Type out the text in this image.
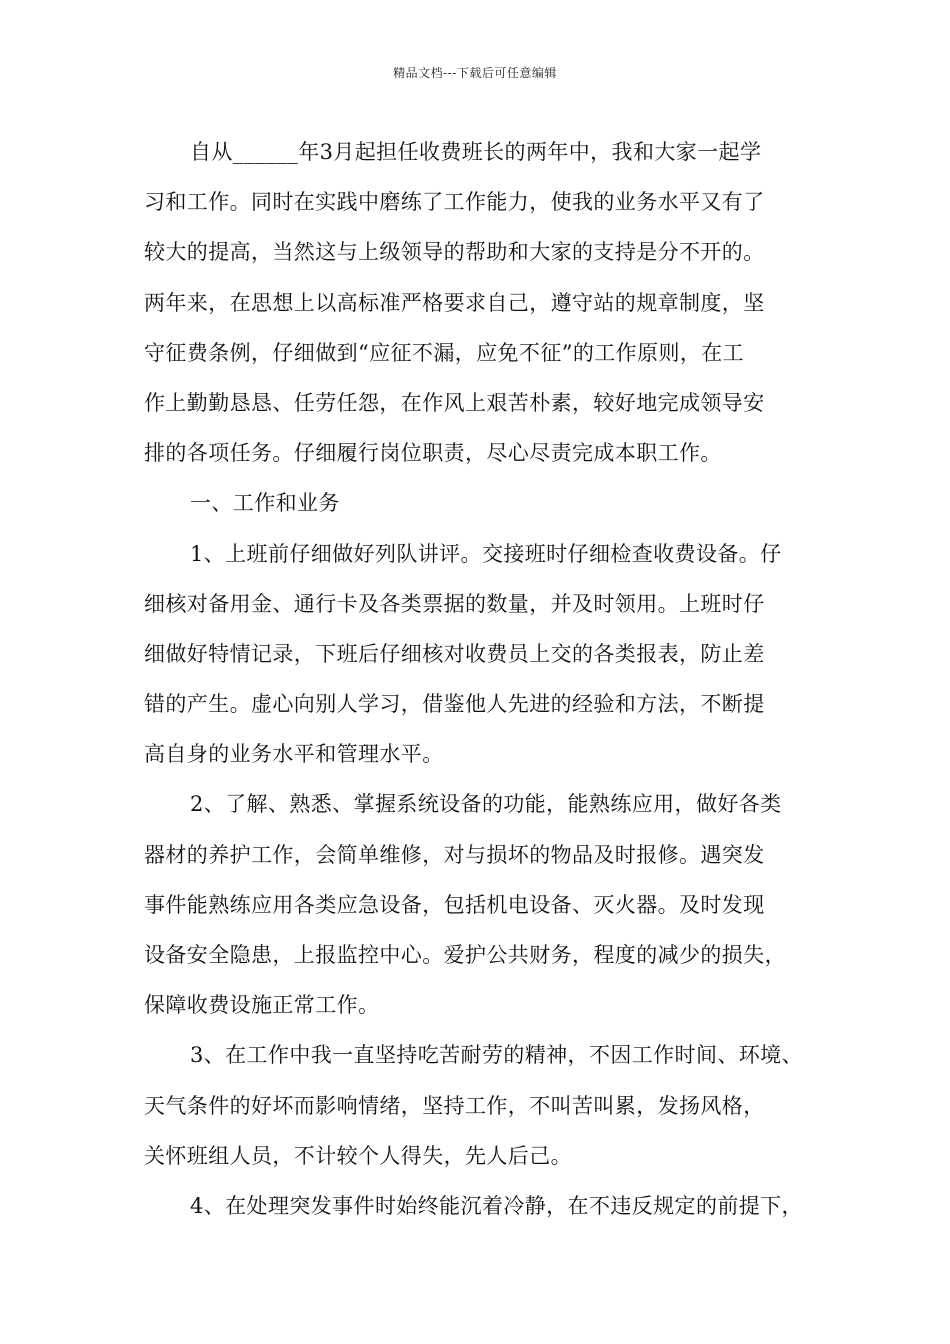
精品文档---下载后可任意编辑
自从______年3月起担任收费班长的两年中，我和大家一起学
习和工作。同时在实践中磨练了工作能力，使我的业务水平又有了
较大的提高，当然这与上级领导的帮助和大家的支持是分不开的。
两年来，在思想上以高标准严格要求自己，遵守站的规章制度，坚
守征费条例，仔细做到“应征不漏，应免不征”的工作原则，在工
作上勤勤恳恳、任劳任怨，在作风上艰苦朴素，较好地完成领导安
排的各项任务。仔细履行岗位职责，尽心尽责完成本职工作。
一、工作和业务
1、上班前仔细做好列队讲评。交接班时仔细检查收费设备。仔
细核对备用金、通行卡及各类票据的数量，并及时领用。上班时仔
细做好特情记录，下班后仔细核对收费员上交的各类报表，防止差
错的产生。虚心向别人学习，借鉴他人先进的经验和方法，不断提
高自身的业务水平和管理水平。
2、了解、熟悉、掌握系统设备的功能，能熟练应用，做好各类
器材的养护工作，会简单维修，对与损坏的物品及时报修。遇突发
事件能熟练应用各类应急设备，包括机电设备、灭火器。及时发现
设备安全隐患，上报监控中心。爱护公共财务，程度的减少的损失，
保障收费设施正常工作。
3、在工作中我一直坚持吃苦耐劳的精神，不因工作时间、环境、
天气条件的好坏而影响情绪，坚持工作，不叫苦叫累，发扬风格，
关怀班组人员，不计较个人得失，先人后己。
4、在处理突发事件时始终能沉着冷静，在不违反规定的前提下，
